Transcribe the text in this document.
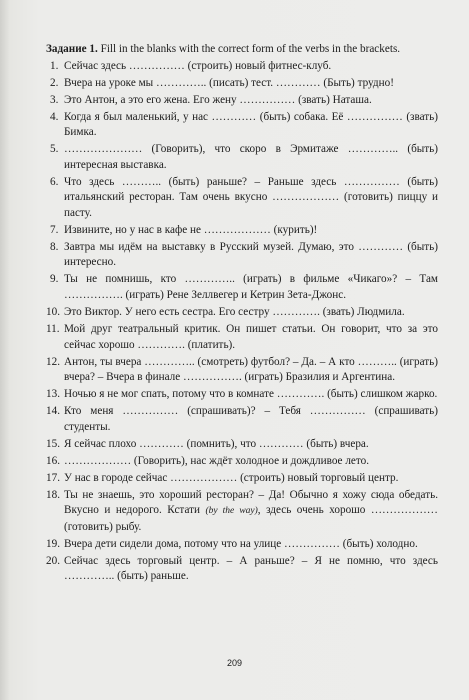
Задание 1. Fill in the blanks with the correct form of the verbs in the brackets.

1. Сейчас здесь …………… (строить) новый фитнес-клуб.
2. Вчера на уроке мы ………….. (писать) тест. ………… (Быть) трудно!
3. Это Антон, а это его жена. Его жену …………… (звать) Наташа.
4. Когда я был маленький, у нас ………… (быть) собака. Её …………… (звать) Бимка.
5. ………………… (Говорить), что скоро в Эрмитаже ………….. (быть) интересная выставка.
6. Что здесь ……….. (быть) раньше? – Раньше здесь …………… (быть) итальянский ресторан. Там очень вкусно ……………… (готовить) пиццу и пасту.
7. Извините, но у нас в кафе не ……………… (курить)!
8. Завтра мы идём на выставку в Русский музей. Думаю, это ………… (быть) интересно.
9. Ты не помнишь, кто ………….. (играть) в фильме «Чикаго»? – Там ……………. (играть) Рене Зеллвегер и Кетрин Зета-Джонс.
10. Это Виктор. У него есть сестра. Его сестру …………. (звать) Людмила.
11. Мой друг театральный критик. Он пишет статьи. Он говорит, что за это сейчас хорошо …………. (платить).
12. Антон, ты вчера ………….. (смотреть) футбол? – Да. – А кто ……….. (играть) вчера? – Вчера в финале ……………. (играть) Бразилия и Аргентина.
13. Ночью я не мог спать, потому что в комнате …………. (быть) слишком жарко.
14. Кто меня …………… (спрашивать)? – Тебя …………… (спрашивать) студенты.
15. Я сейчас плохо ………… (помнить), что ………… (быть) вчера.
16. ……………… (Говорить), нас ждёт холодное и дождливое лето.
17. У нас в городе сейчас ……………… (строить) новый торговый центр.
18. Ты не знаешь, это хороший ресторан? – Да! Обычно я хожу сюда обедать. Вкусно и недорого. Кстати (by the way), здесь очень хорошо ……………… (готовить) рыбу.
19. Вчера дети сидели дома, потому что на улице …………… (быть) холодно.
20. Сейчас здесь торговый центр. – А раньше? – Я не помню, что здесь ………….. (быть) раньше.
209
